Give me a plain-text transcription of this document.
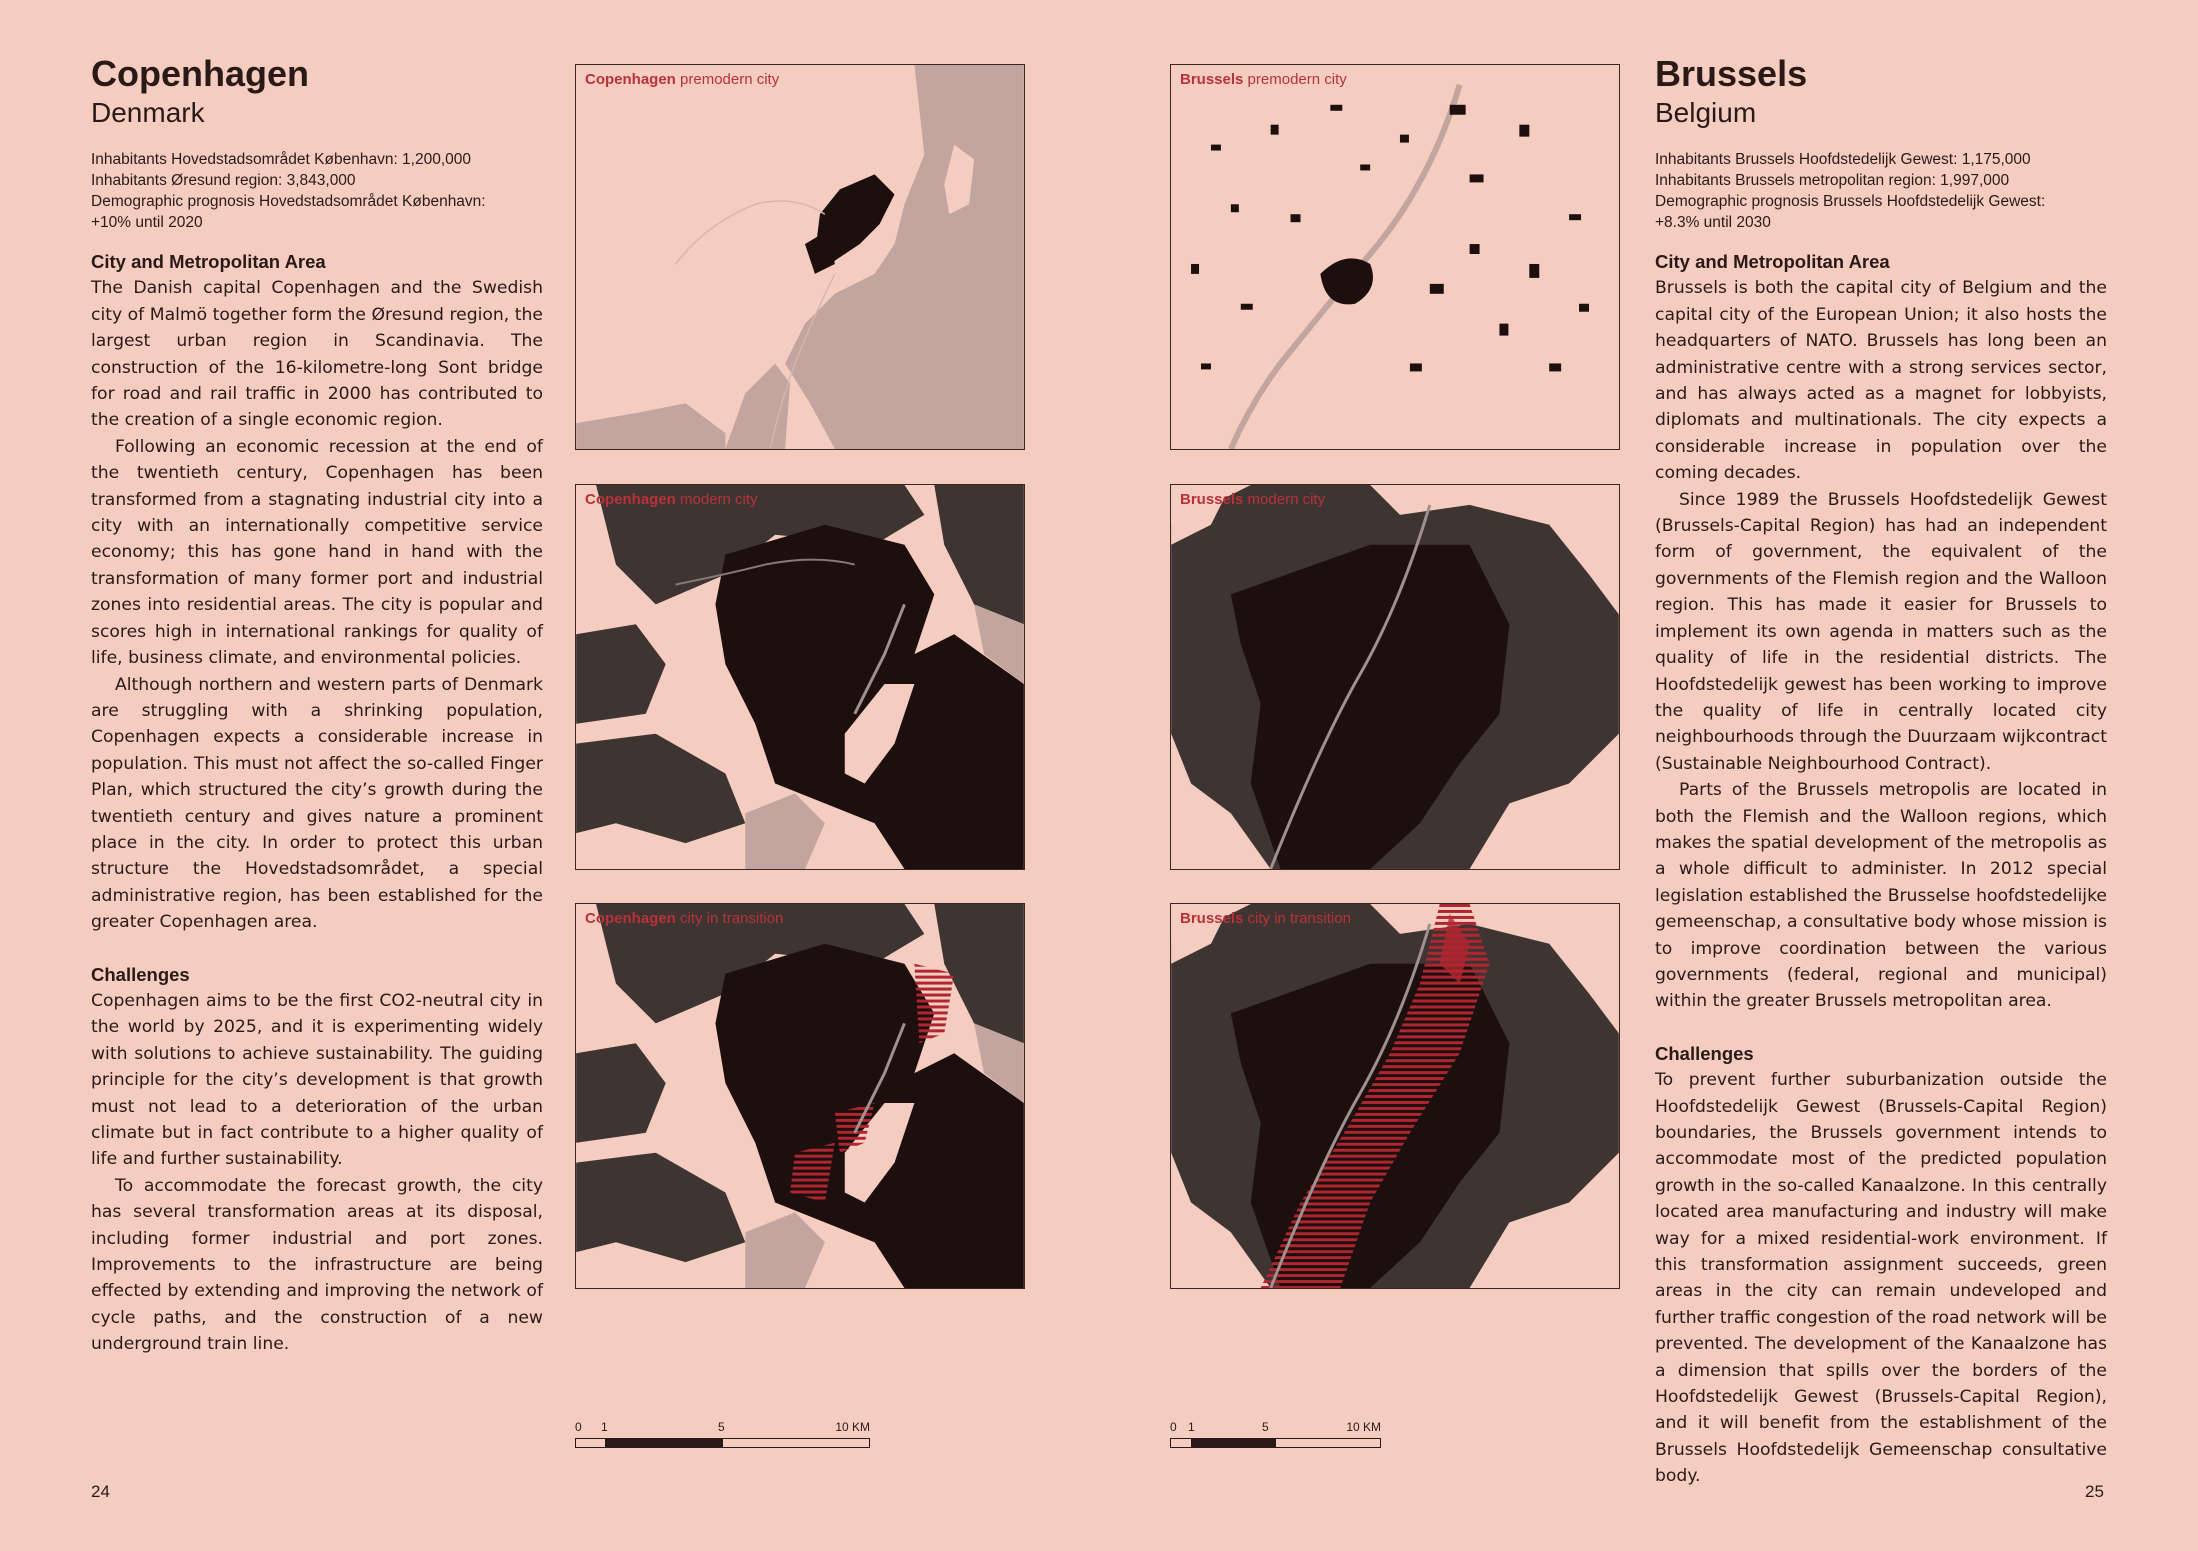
Copenhagen
Denmark
Inhabitants Hovedstadsområdet København: 1,200,000
Inhabitants Øresund region: 3,843,000
Demographic prognosis Hovedstadsområdet København:
+10% until 2020
City and Metropolitan Area

The Danish capital Copenhagen and the Swedish city of Malmö together form the Øresund region, the largest urban region in Scandinavia. The construction of the 16-kilometre-long Sont bridge for road and rail traffic in 2000 has contributed to the creation of a single economic region.

Following an economic recession at the end of the twentieth century, Copenhagen has been transformed from a stagnating industrial city into a city with an internationally competitive service economy; this has gone hand in hand with the transformation of many former port and industrial zones into residential areas. The city is popular and scores high in international rankings for quality of life, business climate, and environmental policies.

Although northern and western parts of Denmark are struggling with a shrinking population, Copenhagen expects a considerable increase in population. This must not affect the so-called Finger Plan, which structured the city’s growth during the twentieth century and gives nature a prominent place in the city. In order to protect this urban structure the Hovedstadsområdet, a special administrative region, has been established for the greater Copenhagen area.

Challenges

Copenhagen aims to be the first CO2-neutral city in the world by 2025, and it is experimenting widely with solutions to achieve sustainability. The guiding principle for the city’s development is that growth must not lead to a deterioration of the urban climate but in fact contribute to a higher quality of life and further sustainability.

To accommodate the forecast growth, the city has several transformation areas at its disposal, including former industrial and port zones. Improvements to the infrastructure are being effected by extending and improving the network of cycle paths, and the construction of a new underground train line.

Copenhagen premodern city
Copenhagen modern city
Copenhagen city in transition
0 1	5	10 KM
24
Brussels premodern city
Brussels modern city
Brussels city in transition
0 1	5	10 KM
Brussels
Belgium
Inhabitants Brussels Hoofdstedelijk Gewest: 1,175,000
Inhabitants Brussels metropolitan region: 1,997,000
Demographic prognosis Brussels Hoofdstedelijk Gewest:
+8.3% until 2030
City and Metropolitan Area

Brussels is both the capital city of Belgium and the capital city of the European Union; it also hosts the headquarters of NATO. Brussels has long been an administrative centre with a strong services sector, and has always acted as a magnet for lobbyists, diplomats and multinationals. The city expects a considerable increase in population over the coming decades.

Since 1989 the Brussels Hoofdstedelijk Gewest (Brussels-Capital Region) has had an independent form of government, the equivalent of the governments of the Flemish region and the Walloon region. This has made it easier for Brussels to implement its own agenda in matters such as the quality of life in the residential districts. The Hoofdstedelijk gewest has been working to improve the quality of life in centrally located city neighbourhoods through the Duurzaam wijkcontract (Sustainable Neighbourhood Contract).

Parts of the Brussels metropolis are located in both the Flemish and the Walloon regions, which makes the spatial development of the metropolis as a whole difficult to administer. In 2012 special legislation established the Brusselse hoofdstedelijke gemeenschap, a consultative body whose mission is to improve coordination between the various governments (federal, regional and municipal) within the greater Brussels metropolitan area.

Challenges

To prevent further suburbanization outside the Hoofdstedelijk Gewest (Brussels-Capital Region) boundaries, the Brussels government intends to accommodate most of the predicted population growth in the so-called Kanaalzone. In this centrally located area manufacturing and industry will make way for a mixed residential-work environment. If this transformation assignment succeeds, green areas in the city can remain undeveloped and further traffic congestion of the road network will be prevented. The development of the Kanaalzone has a dimension that spills over the borders of the Hoofdstedelijk Gewest (Brussels-Capital Region), and it will benefit from the establishment of the Brussels Hoofdstedelijk Gemeenschap consultative body.

25
